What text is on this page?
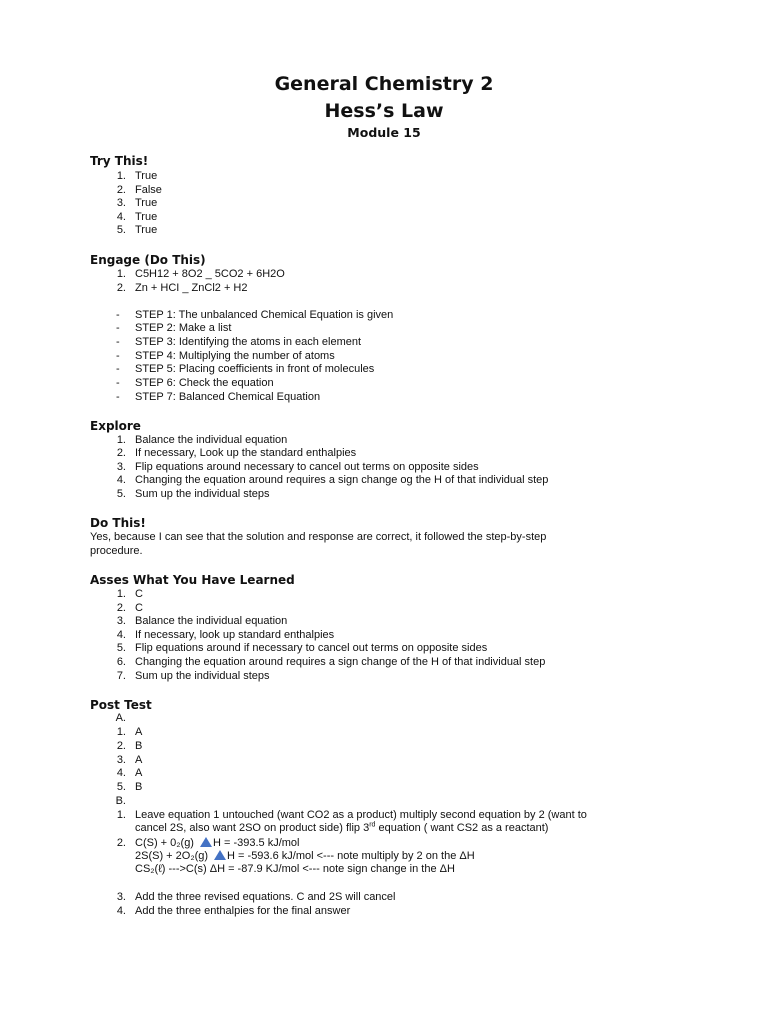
General Chemistry 2
Hess’s Law
Module 15
Try This!
1. True
2. False
3. True
4. True
5. True
Engage (Do This)
1. C5H12 + 8O2 _ 5CO2 + 6H2O
2. Zn + HCI _ ZnCl2 + H2
- STEP 1: The unbalanced Chemical Equation is given
- STEP 2: Make a list
- STEP 3: Identifying the atoms in each element
- STEP 4: Multiplying the number of atoms
- STEP 5: Placing coefficients in front of molecules
- STEP 6: Check the equation
- STEP 7: Balanced Chemical Equation
Explore
1. Balance the individual equation
2. If necessary, Look up the standard enthalpies
3. Flip equations around necessary to cancel out terms on opposite sides
4. Changing the equation around requires a sign change og the H of that individual step
5. Sum up the individual steps
Do This!
Yes, because I can see that the solution and response are correct, it followed the step-by-step
procedure.
Asses What You Have Learned
1. C
2. C
3. Balance the individual equation
4. If necessary, look up standard enthalpies
5. Flip equations around if necessary to cancel out terms on opposite sides
6. Changing the equation around requires a sign change of the H of that individual step
7. Sum up the individual steps
Post Test
A.
1. A
2. B
3. A
4. A
5. B
B.
1. Leave equation 1 untouched (want CO2 as a product) multiply second equation by 2 (want to
cancel 2S, also want 2SO on product side) flip 3rd equation ( want CS2 as a reactant)
2. C(S) + 0₂(g) H = -393.5 kJ/mol
2S(S) + 2O₂(g) H = -593.6 kJ/mol <--- note multiply by 2 on the ΔH
CS₂(ℓ) --->C(s) ΔH = -87.9 KJ/mol <--- note sign change in the ΔH
3. Add the three revised equations. C and 2S will cancel
4. Add the three enthalpies for the final answer
